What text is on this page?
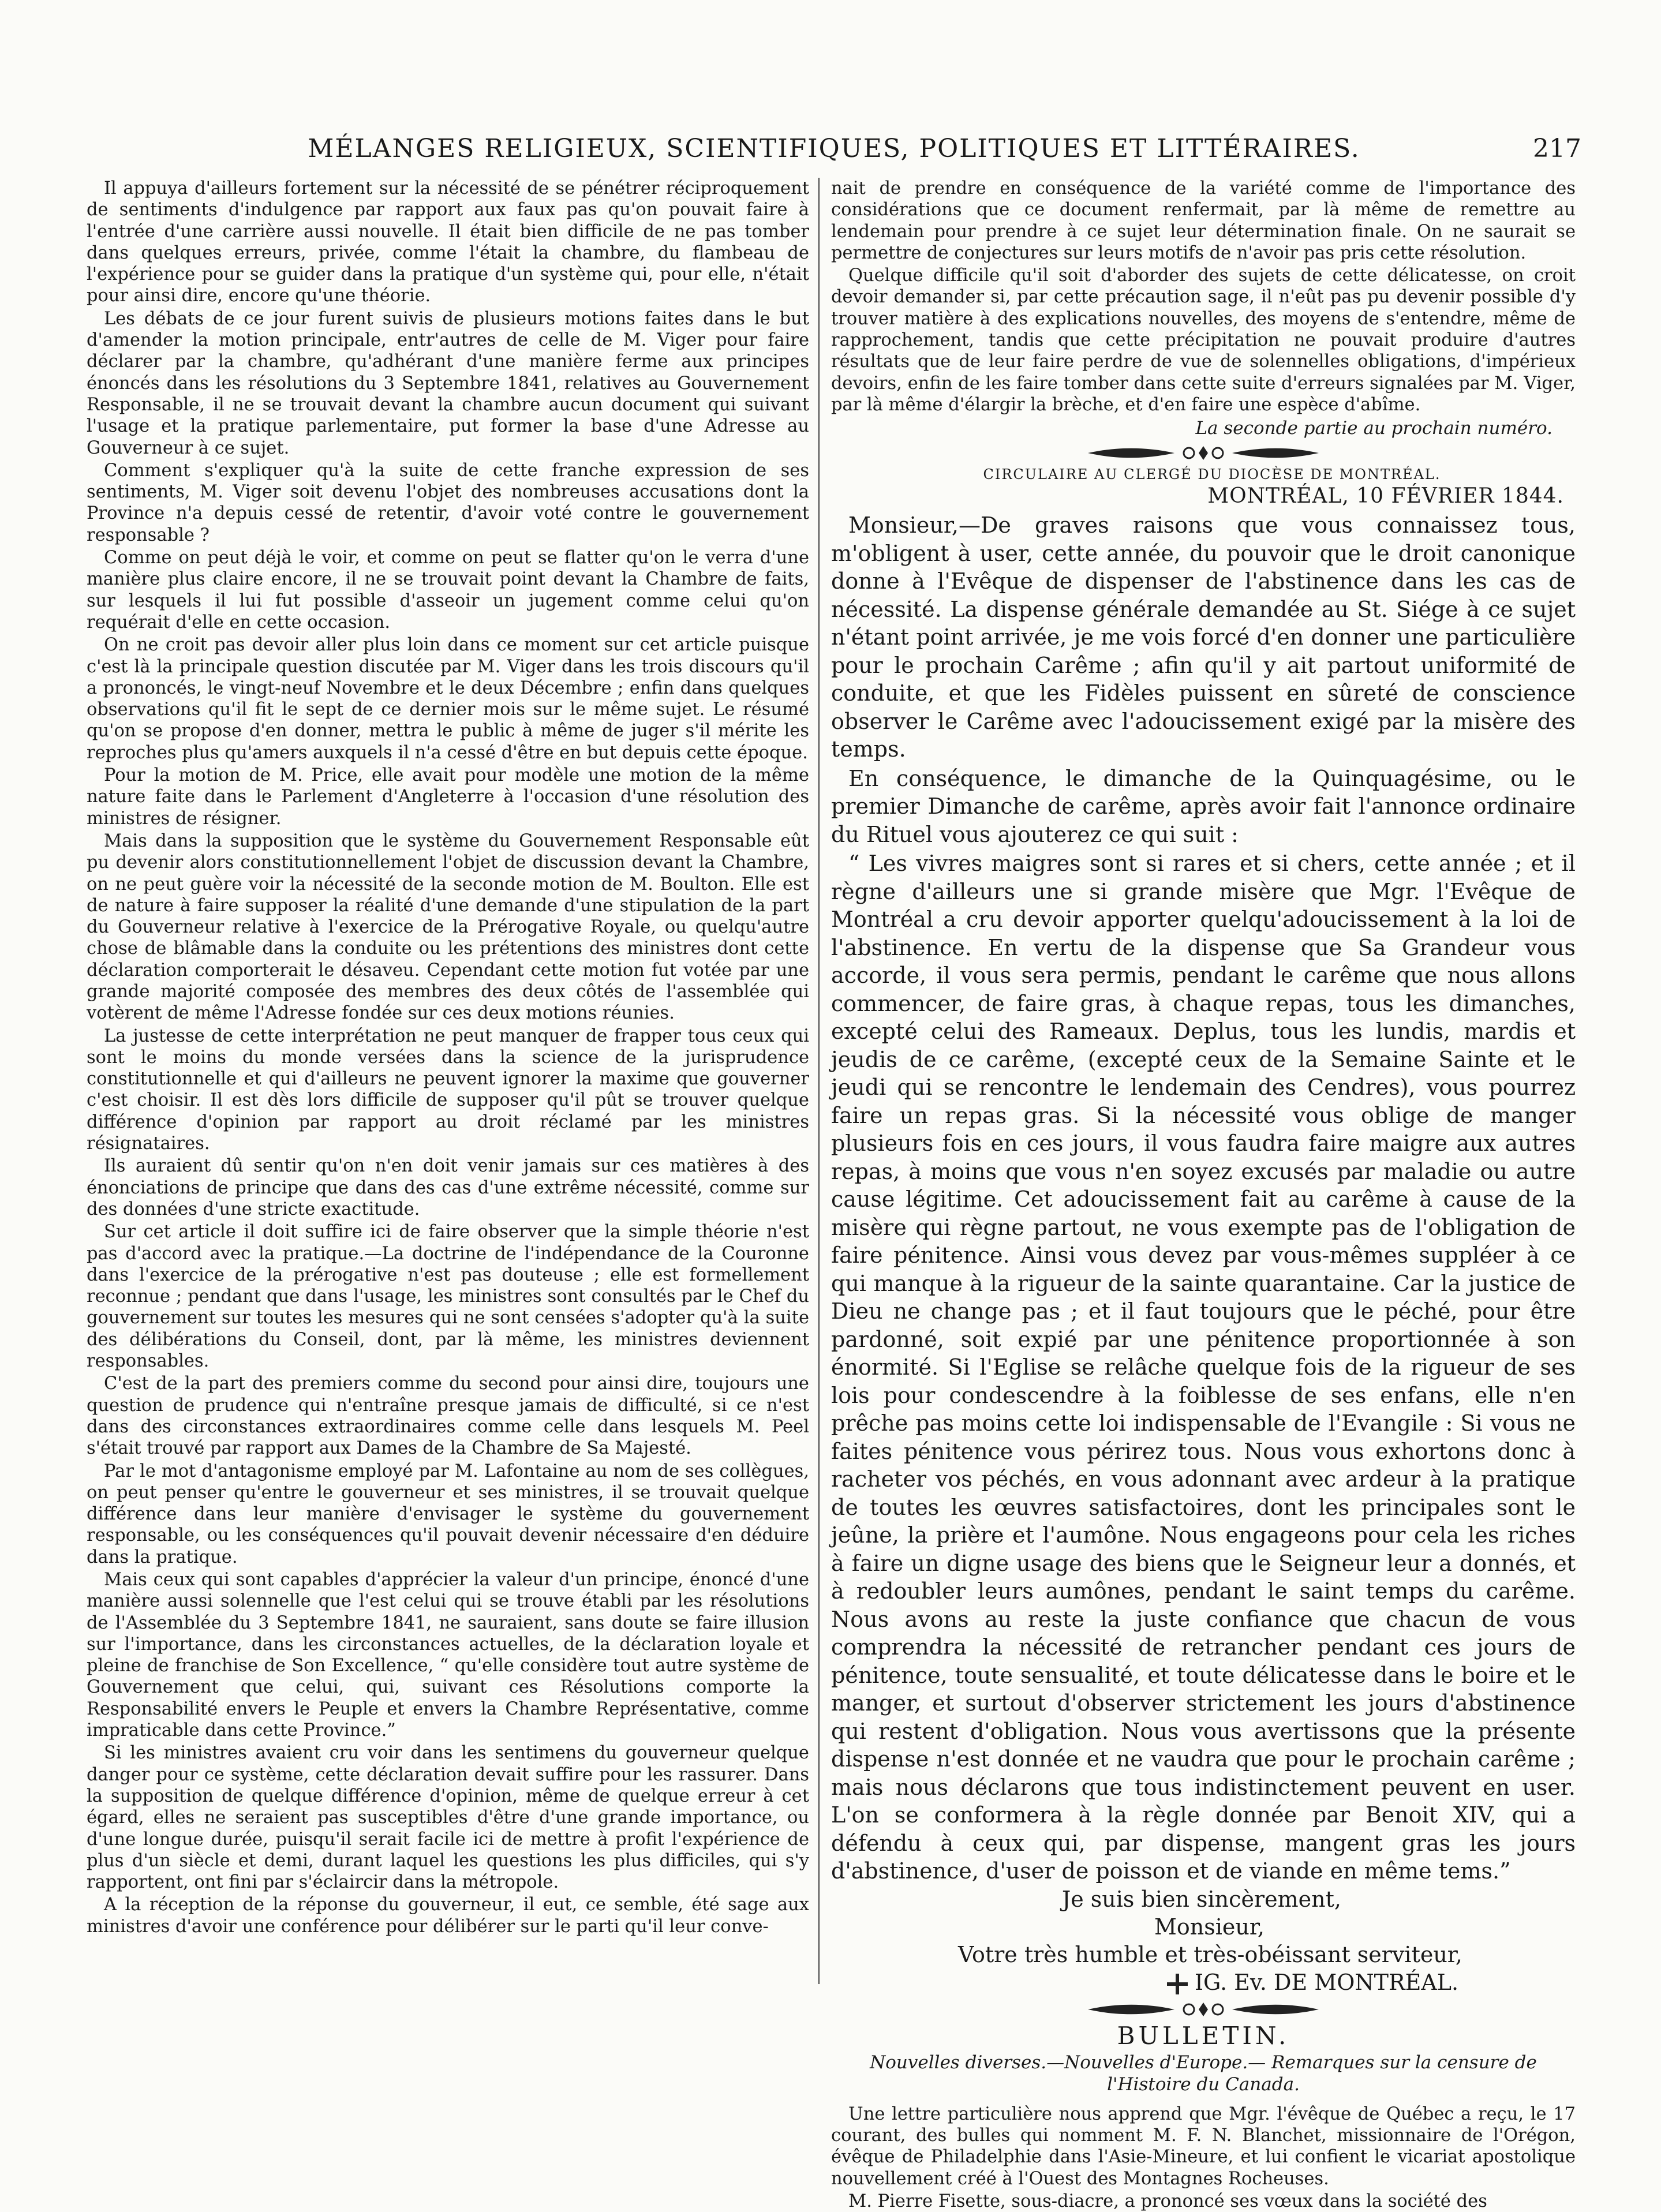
MÉLANGES RELIGIEUX, SCIENTIFIQUES, POLITIQUES ET LITTÉRAIRES.	217

Il appuya d'ailleurs fortement sur la nécessité de se pénétrer réciproquement de sentiments d'indulgence par rapport aux faux pas qu'on pouvait faire à l'entrée d'une carrière aussi nouvelle. Il était bien difficile de ne pas tomber dans quelques erreurs, privée, comme l'était la chambre, du flambeau de l'expérience pour se guider dans la pratique d'un système qui, pour elle, n'était pour ainsi dire, encore qu'une théorie.

Les débats de ce jour furent suivis de plusieurs motions faites dans le but d'amender la motion principale, entr'autres de celle de M. Viger pour faire déclarer par la chambre, qu'adhérant d'une manière ferme aux principes énoncés dans les résolutions du 3 Septembre 1841, relatives au Gouvernement Responsable, il ne se trouvait devant la chambre aucun document qui suivant l'usage et la pratique parlementaire, put former la base d'une Adresse au Gouverneur à ce sujet.

Comment s'expliquer qu'à la suite de cette franche expression de ses sentiments, M. Viger soit devenu l'objet des nombreuses accusations dont la Province n'a depuis cessé de retentir, d'avoir voté contre le gouvernement responsable ?

Comme on peut déjà le voir, et comme on peut se flatter qu'on le verra d'une manière plus claire encore, il ne se trouvait point devant la Chambre de faits, sur lesquels il lui fut possible d'asseoir un jugement comme celui qu'on requérait d'elle en cette occasion.

On ne croit pas devoir aller plus loin dans ce moment sur cet article puisque c'est là la principale question discutée par M. Viger dans les trois discours qu'il a prononcés, le vingt-neuf Novembre et le deux Décembre ; enfin dans quelques observations qu'il fit le sept de ce dernier mois sur le même sujet. Le résumé qu'on se propose d'en donner, mettra le public à même de juger s'il mérite les reproches plus qu'amers auxquels il n'a cessé d'être en but depuis cette époque.

Pour la motion de M. Price, elle avait pour modèle une motion de la même nature faite dans le Parlement d'Angleterre à l'occasion d'une résolution des ministres de résigner.

Mais dans la supposition que le système du Gouvernement Responsable eût pu devenir alors constitutionnellement l'objet de discussion devant la Chambre, on ne peut guère voir la nécessité de la seconde motion de M. Boulton. Elle est de nature à faire supposer la réalité d'une demande d'une stipulation de la part du Gouverneur relative à l'exercice de la Prérogative Royale, ou quelqu'autre chose de blâmable dans la conduite ou les prétentions des ministres dont cette déclaration comporterait le désaveu. Cependant cette motion fut votée par une grande majorité composée des membres des deux côtés de l'assemblée qui votèrent de même l'Adresse fondée sur ces deux motions réunies.

La justesse de cette interprétation ne peut manquer de frapper tous ceux qui sont le moins du monde versées dans la science de la jurisprudence constitutionnelle et qui d'ailleurs ne peuvent ignorer la maxime que gouverner c'est choisir. Il est dès lors difficile de supposer qu'il pût se trouver quelque différence d'opinion par rapport au droit réclamé par les ministres résignataires.

Ils auraient dû sentir qu'on n'en doit venir jamais sur ces matières à des énonciations de principe que dans des cas d'une extrême nécessité, comme sur des données d'une stricte exactitude.

Sur cet article il doit suffire ici de faire observer que la simple théorie n'est pas d'accord avec la pratique.—La doctrine de l'indépendance de la Couronne dans l'exercice de la prérogative n'est pas douteuse ; elle est formellement reconnue ; pendant que dans l'usage, les ministres sont consultés par le Chef du gouvernement sur toutes les mesures qui ne sont censées s'adopter qu'à la suite des délibérations du Conseil, dont, par là même, les ministres deviennent responsables.

C'est de la part des premiers comme du second pour ainsi dire, toujours une question de prudence qui n'entraîne presque jamais de difficulté, si ce n'est dans des circonstances extraordinaires comme celle dans lesquels M. Peel s'était trouvé par rapport aux Dames de la Chambre de Sa Majesté.

Par le mot d'antagonisme employé par M. Lafontaine au nom de ses collègues, on peut penser qu'entre le gouverneur et ses ministres, il se trouvait quelque différence dans leur manière d'envisager le système du gouvernement responsable, ou les conséquences qu'il pouvait devenir nécessaire d'en déduire dans la pratique.

Mais ceux qui sont capables d'apprécier la valeur d'un principe, énoncé d'une manière aussi solennelle que l'est celui qui se trouve établi par les résolutions de l'Assemblée du 3 Septembre 1841, ne sauraient, sans doute se faire illusion sur l'importance, dans les circonstances actuelles, de la déclaration loyale et pleine de franchise de Son Excellence, “ qu'elle considère tout autre système de Gouvernement que celui, qui, suivant ces Résolutions comporte la Responsabilité envers le Peuple et envers la Chambre Représentative, comme impraticable dans cette Province.”

Si les ministres avaient cru voir dans les sentimens du gouverneur quelque danger pour ce système, cette déclaration devait suffire pour les rassurer. Dans la supposition de quelque différence d'opinion, même de quelque erreur à cet égard, elles ne seraient pas susceptibles d'être d'une grande importance, ou d'une longue durée, puisqu'il serait facile ici de mettre à profit l'expérience de plus d'un siècle et demi, durant laquel les questions les plus difficiles, qui s'y rapportent, ont fini par s'éclaircir dans la métropole.

A la réception de la réponse du gouverneur, il eut, ce semble, été sage aux ministres d'avoir une conférence pour délibérer sur le parti qu'il leur conve-

nait de prendre en conséquence de la variété comme de l'importance des considérations que ce document renfermait, par là même de remettre au lendemain pour prendre à ce sujet leur détermination finale. On ne saurait se permettre de conjectures sur leurs motifs de n'avoir pas pris cette résolution.

Quelque difficile qu'il soit d'aborder des sujets de cette délicatesse, on croit devoir demander si, par cette précaution sage, il n'eût pas pu devenir possible d'y trouver matière à des explications nouvelles, des moyens de s'entendre, même de rapprochement, tandis que cette précipitation ne pouvait produire d'autres résultats que de leur faire perdre de vue de solennelles obligations, d'impérieux devoirs, enfin de les faire tomber dans cette suite d'erreurs signalées par M. Viger, par là même d'élargir la brèche, et d'en faire une espèce d'abîme.

La seconde partie au prochain numéro.

CIRCULAIRE AU CLERGÉ DU DIOCÈSE DE MONTRÉAL.

MONTRÉAL, 10 FÉVRIER 1844.

Monsieur,—De graves raisons que vous connaissez tous, m'obligent à user, cette année, du pouvoir que le droit canonique donne à l'Evêque de dispenser de l'abstinence dans les cas de nécessité. La dispense générale demandée au St. Siége à ce sujet n'étant point arrivée, je me vois forcé d'en donner une particulière pour le prochain Carême ; afin qu'il y ait partout uniformité de conduite, et que les Fidèles puissent en sûreté de conscience observer le Carême avec l'adoucissement exigé par la misère des temps.

En conséquence, le dimanche de la Quinquagésime, ou le premier Dimanche de carême, après avoir fait l'annonce ordinaire du Rituel vous ajouterez ce qui suit :

“ Les vivres maigres sont si rares et si chers, cette année ; et il règne d'ailleurs une si grande misère que Mgr. l'Evêque de Montréal a cru devoir apporter quelqu'adoucissement à la loi de l'abstinence. En vertu de la dispense que Sa Grandeur vous accorde, il vous sera permis, pendant le carême que nous allons commencer, de faire gras, à chaque repas, tous les dimanches, excepté celui des Rameaux. Deplus, tous les lundis, mardis et jeudis de ce carême, (excepté ceux de la Semaine Sainte et le jeudi qui se rencontre le lendemain des Cendres), vous pourrez faire un repas gras. Si la nécessité vous oblige de manger plusieurs fois en ces jours, il vous faudra faire maigre aux autres repas, à moins que vous n'en soyez excusés par maladie ou autre cause légitime. Cet adoucissement fait au carême à cause de la misère qui règne partout, ne vous exempte pas de l'obligation de faire pénitence. Ainsi vous devez par vous-mêmes suppléer à ce qui manque à la rigueur de la sainte quarantaine. Car la justice de Dieu ne change pas ; et il faut toujours que le péché, pour être pardonné, soit expié par une pénitence proportionnée à son énormité. Si l'Eglise se relâche quelque fois de la rigueur de ses lois pour condescendre à la foiblesse de ses enfans, elle n'en prêche pas moins cette loi indispensable de l'Evangile : Si vous ne faites pénitence vous périrez tous. Nous vous exhortons donc à racheter vos péchés, en vous adonnant avec ardeur à la pratique de toutes les œuvres satisfactoires, dont les principales sont le jeûne, la prière et l'aumône. Nous engageons pour cela les riches à faire un digne usage des biens que le Seigneur leur a donnés, et à redoubler leurs aumônes, pendant le saint temps du carême. Nous avons au reste la juste confiance que chacun de vous comprendra la nécessité de retrancher pendant ces jours de pénitence, toute sensualité, et toute délicatesse dans le boire et le manger, et surtout d'observer strictement les jours d'abstinence qui restent d'obligation. Nous vous avertissons que la présente dispense n'est donnée et ne vaudra que pour le prochain carême ; mais nous déclarons que tous indistinctement peuvent en user. L'on se conformera à la règle donnée par Benoit XIV, qui a défendu à ceux qui, par dispense, mangent gras les jours d'abstinence, d'user de poisson et de viande en même tems.”

Je suis bien sincèrement,
Monsieur,
Votre très humble et très-obéissant serviteur,
IG. Ev. DE MONTRÉAL.
BULLETIN.
Nouvelles diverses.—Nouvelles d'Europe.— Remarques sur la censure de l'Histoire du Canada.

Une lettre particulière nous apprend que Mgr. l'évêque de Québec a reçu, le 17 courant, des bulles qui nomment M. F. N. Blanchet, missionnaire de l'Orégon, évêque de Philadelphie dans l'Asie-Mineure, et lui confient le vicariat apostolique nouvellement créé à l'Ouest des Montagnes Rocheuses.

M. Pierre Fisette, sous-diacre, a prononcé ses vœux dans la société des
